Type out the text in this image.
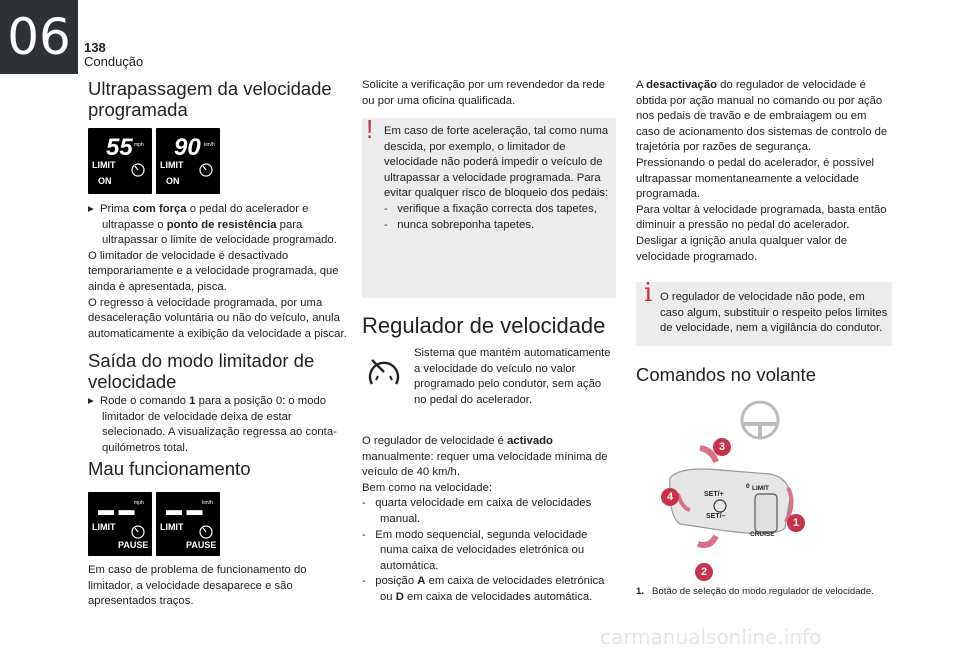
06	138
Condução
Ultrapassagem da velocidade programada
55 mph
LIMIT
ON
90 km/h
LIMIT
ON
▸  Prima com força o pedal do acelerador e ultrapasse o ponto de resistência para ultrapassar o limite de velocidade programado.
O limitador de velocidade é desactivado temporariamente e a velocidade programada, que ainda é apresentada, pisca.
O regresso à velocidade programada, por uma desaceleração voluntária ou não do veículo, anula automaticamente a exibição da velocidade a piscar.
Saída do modo limitador de velocidade
▸  Rode o comando 1 para a posição 0: o modo limitador de velocidade deixa de estar selecionado. A visualização regressa ao conta-quilómetros total.
Mau funcionamento
▬ ▬ mph
LIMIT
PAUSE
▬ ▬ km/h
LIMIT
PAUSE
Em caso de problema de funcionamento do limitador, a velocidade desaparece e são apresentados traços.
Solicite a verificação por um revendedor da rede ou por uma oficina qualificada.
! Em caso de forte aceleração, tal como numa descida, por exemplo, o limitador de velocidade não poderá impedir o veículo de ultrapassar a velocidade programada. Para evitar qualquer risco de bloqueio dos pedais:
-   verifique a fixação correcta dos tapetes,
-   nunca sobreponha tapetes.
Regulador de velocidade
Sistema que mantém automaticamente a velocidade do veículo no valor programado pelo condutor, sem ação no pedal do acelerador.
O regulador de velocidade é activado manualmente: requer uma velocidade mínima de veículo de 40 km/h.
Bem como na velocidade:
-   quarta velocidade em caixa de velocidades manual.
-   Em modo sequencial, segunda velocidade numa caixa de velocidades eletrónica ou automática.
-   posição A em caixa de velocidades eletrónica ou D em caixa de velocidades automática.
A desactivação do regulador de velocidade é obtida por ação manual no comando ou por ação nos pedais de travão e de embraiagem ou em caso de acionamento dos sistemas de controlo de trajetória por razões de segurança.
Pressionando o pedal do acelerador, é possível ultrapassar momentaneamente a velocidade programada.
Para voltar à velocidade programada, basta então diminuir a pressão no pedal do acelerador.
Desligar a ignição anula qualquer valor de velocidade programado.
i O regulador de velocidade não pode, em caso algum, substituir o respeito pelos limites de velocidade, nem a vigilância do condutor.
Comandos no volante
SET/+
SET/–
LIMIT
0
CRUISE
3
4
1
2
1. Botão de seleção do modo regulador de velocidade.
carmanualsonline.info
